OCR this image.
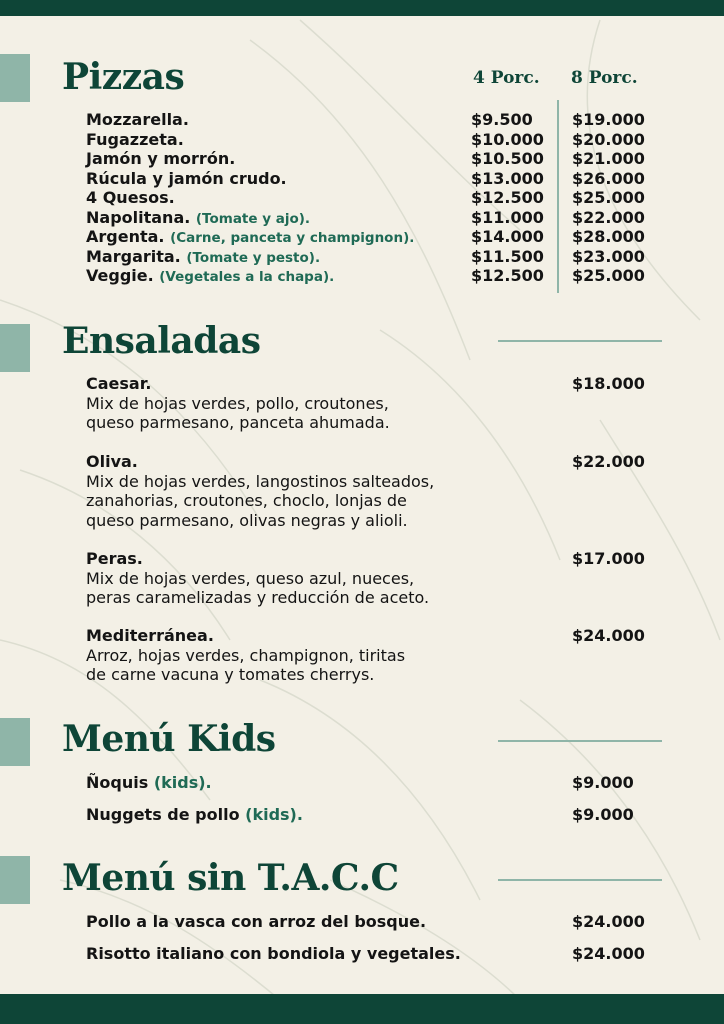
Pizzas	4 Porc. 8 Porc.
Mozzarella.	$9.500 $19.000
Fugazzeta.	$10.000 $20.000
Jamón y morrón.	$10.500 $21.000
Rúcula y jamón crudo.	$13.000 $26.000
4 Quesos.	$12.500 $25.000
Napolitana. (Tomate y ajo).	$11.000 $22.000
Argenta. (Carne, panceta y champignon).	$14.000 $28.000
Margarita. (Tomate y pesto).	$11.500 $23.000
Veggie. (Vegetales a la chapa).	$12.500 $25.000
Ensaladas
Caesar.	$18.000
Mix de hojas verdes, pollo, croutones,
queso parmesano, panceta ahumada.
Oliva.	$22.000
Mix de hojas verdes, langostinos salteados,
zanahorias, croutones, choclo, lonjas de
queso parmesano, olivas negras y alioli.
Peras.	$17.000
Mix de hojas verdes, queso azul, nueces,
peras caramelizadas y reducción de aceto.
Mediterránea.	$24.000
Arroz, hojas verdes, champignon, tiritas
de carne vacuna y tomates cherrys.
Menú Kids
Ñoquis (kids).	$9.000
Nuggets de pollo (kids).	$9.000
Menú sin T.A.C.C
Pollo a la vasca con arroz del bosque.	$24.000
Risotto italiano con bondiola y vegetales.	$24.000
